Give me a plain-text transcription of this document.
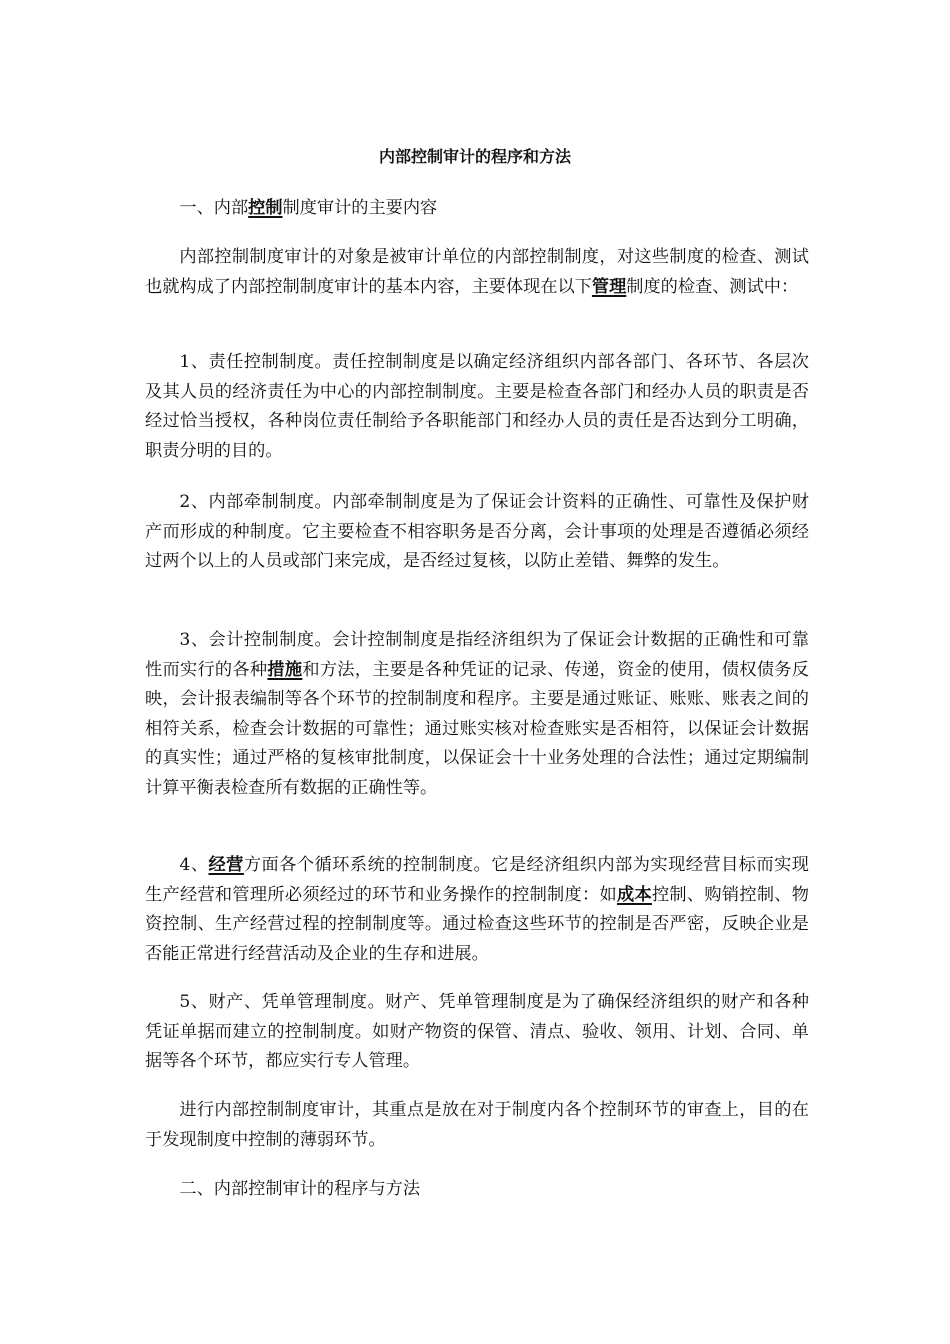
内部控制审计的程序和方法

一、内部控制制度审计的主要内容

内部控制制度审计的对象是被审计单位的内部控制制度，对这些制度的检查、测试也就构成了内部控制制度审计的基本内容，主要体现在以下管理制度的检查、测试中：

1、责任控制制度。责任控制制度是以确定经济组织内部各部门、各环节、各层次及其人员的经济责任为中心的内部控制制度。主要是检查各部门和经办人员的职责是否经过恰当授权，各种岗位责任制给予各职能部门和经办人员的责任是否达到分工明确，职责分明的目的。

2、内部牵制制度。内部牵制制度是为了保证会计资料的正确性、可靠性及保护财产而形成的种制度。它主要检查不相容职务是否分离，会计事项的处理是否遵循必须经过两个以上的人员或部门来完成，是否经过复核，以防止差错、舞弊的发生。

3、会计控制制度。会计控制制度是指经济组织为了保证会计数据的正确性和可靠性而实行的各种措施和方法，主要是各种凭证的记录、传递，资金的使用，债权债务反映，会计报表编制等各个环节的控制制度和程序。主要是通过账证、账账、账表之间的相符关系，检查会计数据的可靠性；通过账实核对检查账实是否相符，以保证会计数据的真实性；通过严格的复核审批制度，以保证会十十业务处理的合法性；通过定期编制计算平衡表检查所有数据的正确性等。

4、经营方面各个循环系统的控制制度。它是经济组织内部为实现经营目标而实现生产经营和管理所必须经过的环节和业务操作的控制制度：如成本控制、购销控制、物资控制、生产经营过程的控制制度等。通过检查这些环节的控制是否严密，反映企业是否能正常进行经营活动及企业的生存和进展。

5、财产、凭单管理制度。财产、凭单管理制度是为了确保经济组织的财产和各种凭证单据而建立的控制制度。如财产物资的保管、清点、验收、领用、计划、合同、单据等各个环节，都应实行专人管理。

进行内部控制制度审计，其重点是放在对于制度内各个控制环节的审查上，目的在于发现制度中控制的薄弱环节。

二、内部控制审计的程序与方法
